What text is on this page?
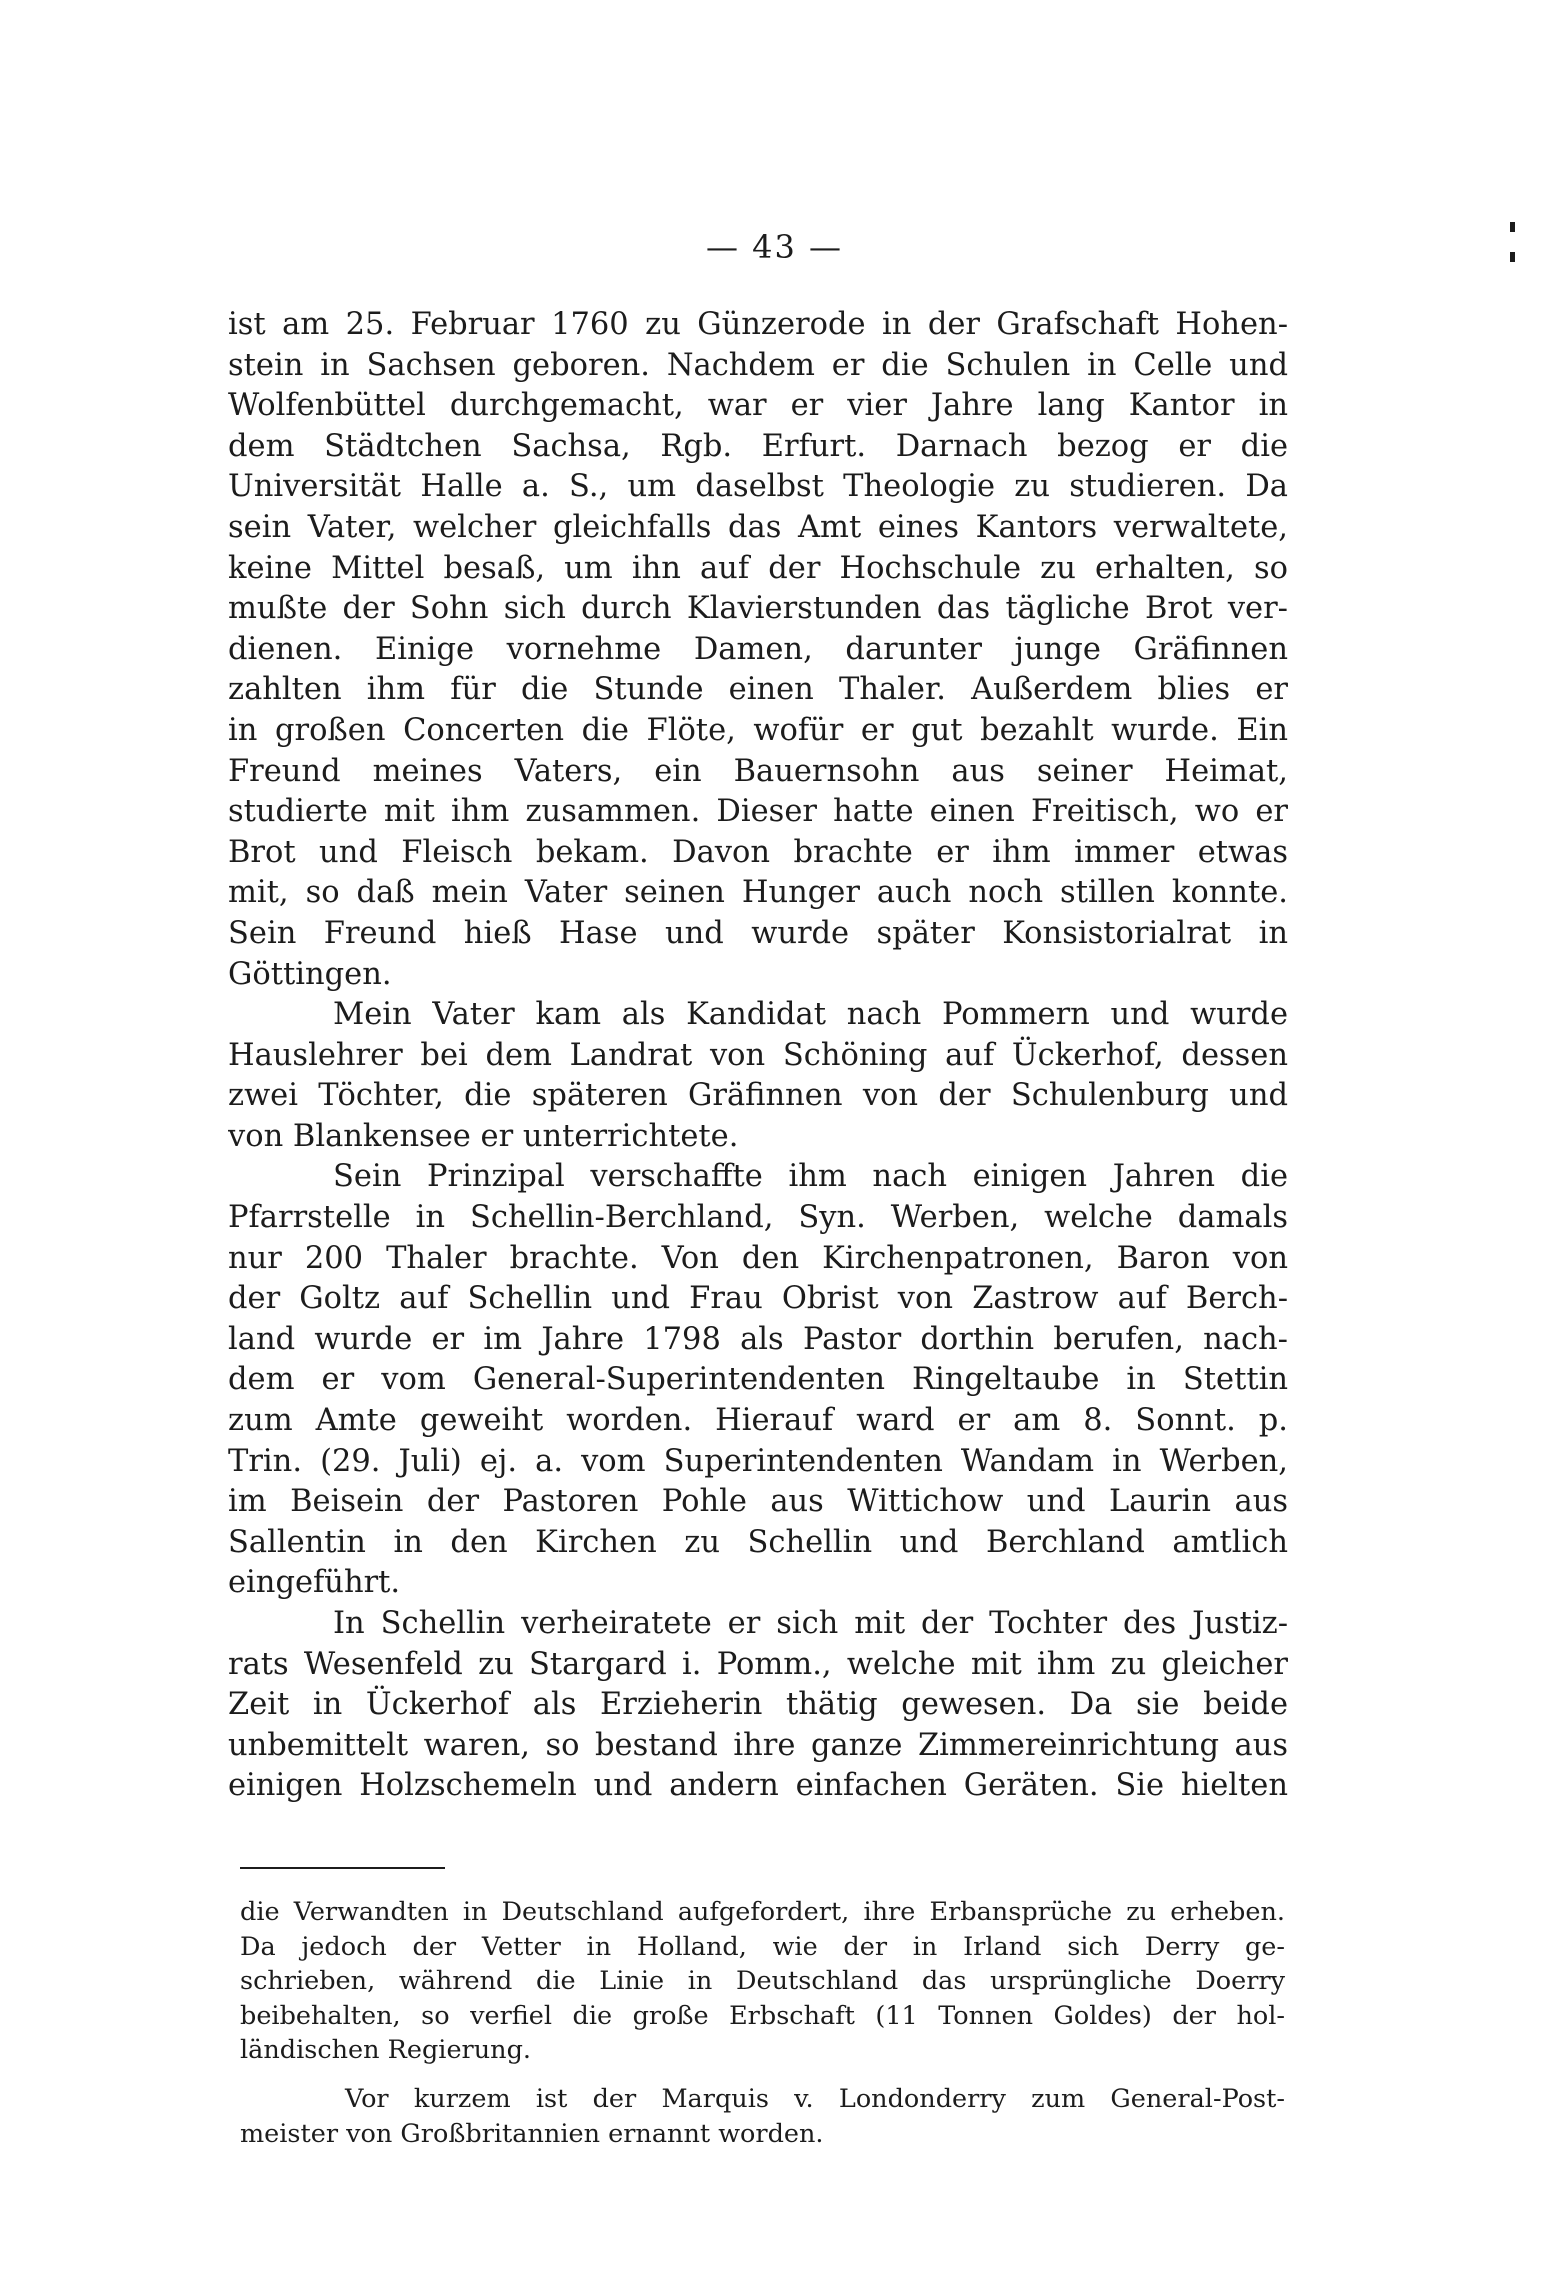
— 43 —
ist am 25. Februar 1760 zu Günzerode in der Grafschaft Hohen-
stein in Sachsen geboren. Nachdem er die Schulen in Celle und
Wolfenbüttel durchgemacht, war er vier Jahre lang Kantor in
dem Städtchen Sachsa, Rgb. Erfurt. Darnach bezog er die
Universität Halle a. S., um daselbst Theologie zu studieren. Da
sein Vater, welcher gleichfalls das Amt eines Kantors verwaltete,
keine Mittel besaß, um ihn auf der Hochschule zu erhalten, so
mußte der Sohn sich durch Klavierstunden das tägliche Brot ver-
dienen. Einige vornehme Damen, darunter junge Gräfinnen
zahlten ihm für die Stunde einen Thaler. Außerdem blies er
in großen Concerten die Flöte, wofür er gut bezahlt wurde. Ein
Freund meines Vaters, ein Bauernsohn aus seiner Heimat,
studierte mit ihm zusammen. Dieser hatte einen Freitisch, wo er
Brot und Fleisch bekam. Davon brachte er ihm immer etwas
mit, so daß mein Vater seinen Hunger auch noch stillen konnte.
Sein Freund hieß Hase und wurde später Konsistorialrat in
Göttingen.
Mein Vater kam als Kandidat nach Pommern und wurde
Hauslehrer bei dem Landrat von Schöning auf Ückerhof, dessen
zwei Töchter, die späteren Gräfinnen von der Schulenburg und
von Blankensee er unterrichtete.
Sein Prinzipal verschaffte ihm nach einigen Jahren die
Pfarrstelle in Schellin-Berchland, Syn. Werben, welche damals
nur 200 Thaler brachte. Von den Kirchenpatronen, Baron von
der Goltz auf Schellin und Frau Obrist von Zastrow auf Berch-
land wurde er im Jahre 1798 als Pastor dorthin berufen, nach-
dem er vom General-Superintendenten Ringeltaube in Stettin
zum Amte geweiht worden. Hierauf ward er am 8. Sonnt. p.
Trin. (29. Juli) ej. a. vom Superintendenten Wandam in Werben,
im Beisein der Pastoren Pohle aus Wittichow und Laurin aus
Sallentin in den Kirchen zu Schellin und Berchland amtlich
eingeführt.
In Schellin verheiratete er sich mit der Tochter des Justiz-
rats Wesenfeld zu Stargard i. Pomm., welche mit ihm zu gleicher
Zeit in Ückerhof als Erzieherin thätig gewesen. Da sie beide
unbemittelt waren, so bestand ihre ganze Zimmereinrichtung aus
einigen Holzschemeln und andern einfachen Geräten. Sie hielten
die Verwandten in Deutschland aufgefordert, ihre Erbansprüche zu erheben.
Da jedoch der Vetter in Holland, wie der in Irland sich Derry ge-
schrieben, während die Linie in Deutschland das ursprüngliche Doerry
beibehalten, so verfiel die große Erbschaft (11 Tonnen Goldes) der hol-
ländischen Regierung.
Vor kurzem ist der Marquis v. Londonderry zum General-Post-
meister von Großbritannien ernannt worden.
